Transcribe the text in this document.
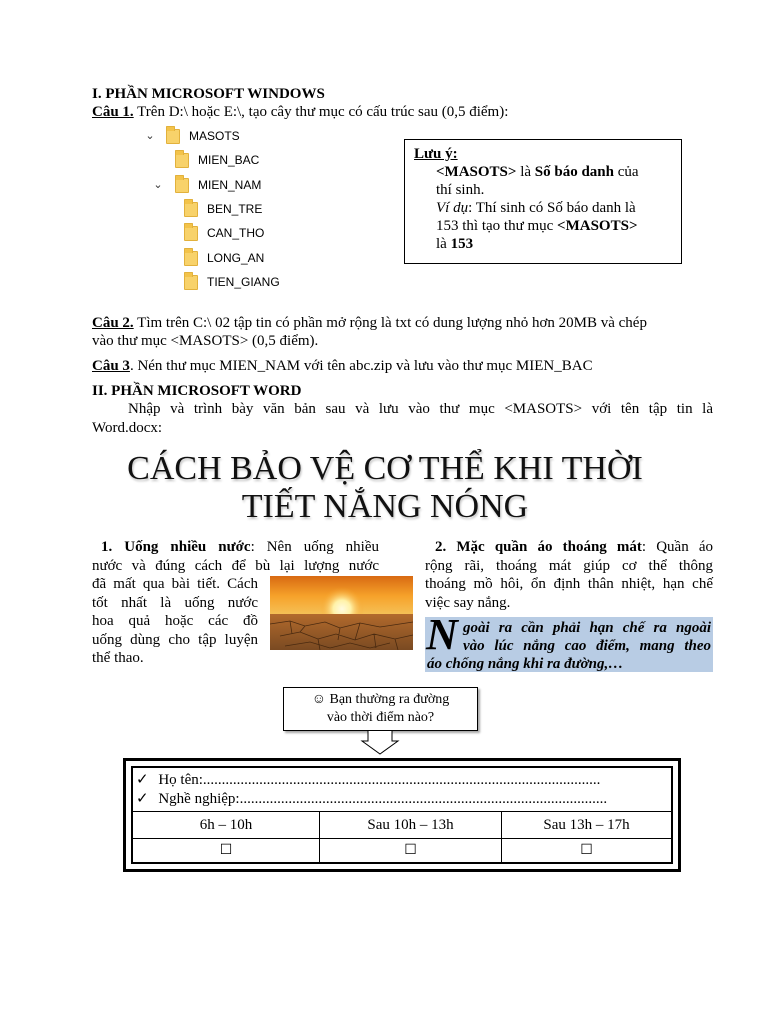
I. PHẦN MICROSOFT WINDOWS
Câu 1. Trên D:\ hoặc E:\, tạo cây thư mục có cấu trúc sau (0,5 điểm):
⌄	MASOTS
MIEN_BAC
⌄	MIEN_NAM
BEN_TRE
CAN_THO
LONG_AN
TIEN_GIANG
Lưu ý:
<MASOTS> là Số báo danh của
thí sinh.
Ví dụ: Thí sinh có Số báo danh là
153 thì tạo thư mục <MASOTS>
là 153
Câu 2. Tìm trên C:\ 02 tập tin có phần mở rộng là txt có dung lượng nhỏ hơn 20MB và chép
vào thư mục <MASOTS> (0,5 điểm).
Câu 3. Nén thư mục MIEN_NAM với tên abc.zip và lưu vào thư mục MIEN_BAC
II. PHẦN MICROSOFT WORD
Nhập và trình bày văn bản sau và lưu vào thư mục <MASOTS> với tên tập tin là
Word.docx:
CÁCH BẢO VỆ CƠ THỂ KHI THỜI
TIẾT NẮNG NÓNG
1. Uống nhiều nước: Nên uống nhiều
nước và đúng cách để bù lại lượng nước
đã mất qua bài tiết. Cách
tốt nhất là uống nước
hoa quả hoặc các đồ
uống dùng cho tập luyện
thể thao.
2. Mặc quần áo thoáng mát: Quần áo
rộng rãi, thoáng mát giúp cơ thể thông
thoáng mồ hôi, ổn định thân nhiệt, hạn chế
việc say nắng.
N goài ra cần phải hạn chế ra ngoài
vào lúc nắng cao điểm, mang theo
áo chống nắng khi ra đường,…
☺ Bạn thường ra đường
vào thời điểm nào?
✓ Họ tên:..........................................................................................................
✓ Nghề nghiệp:..................................................................................................
6h – 10h	Sau 10h – 13h	Sau 13h – 17h
☐	☐	☐
